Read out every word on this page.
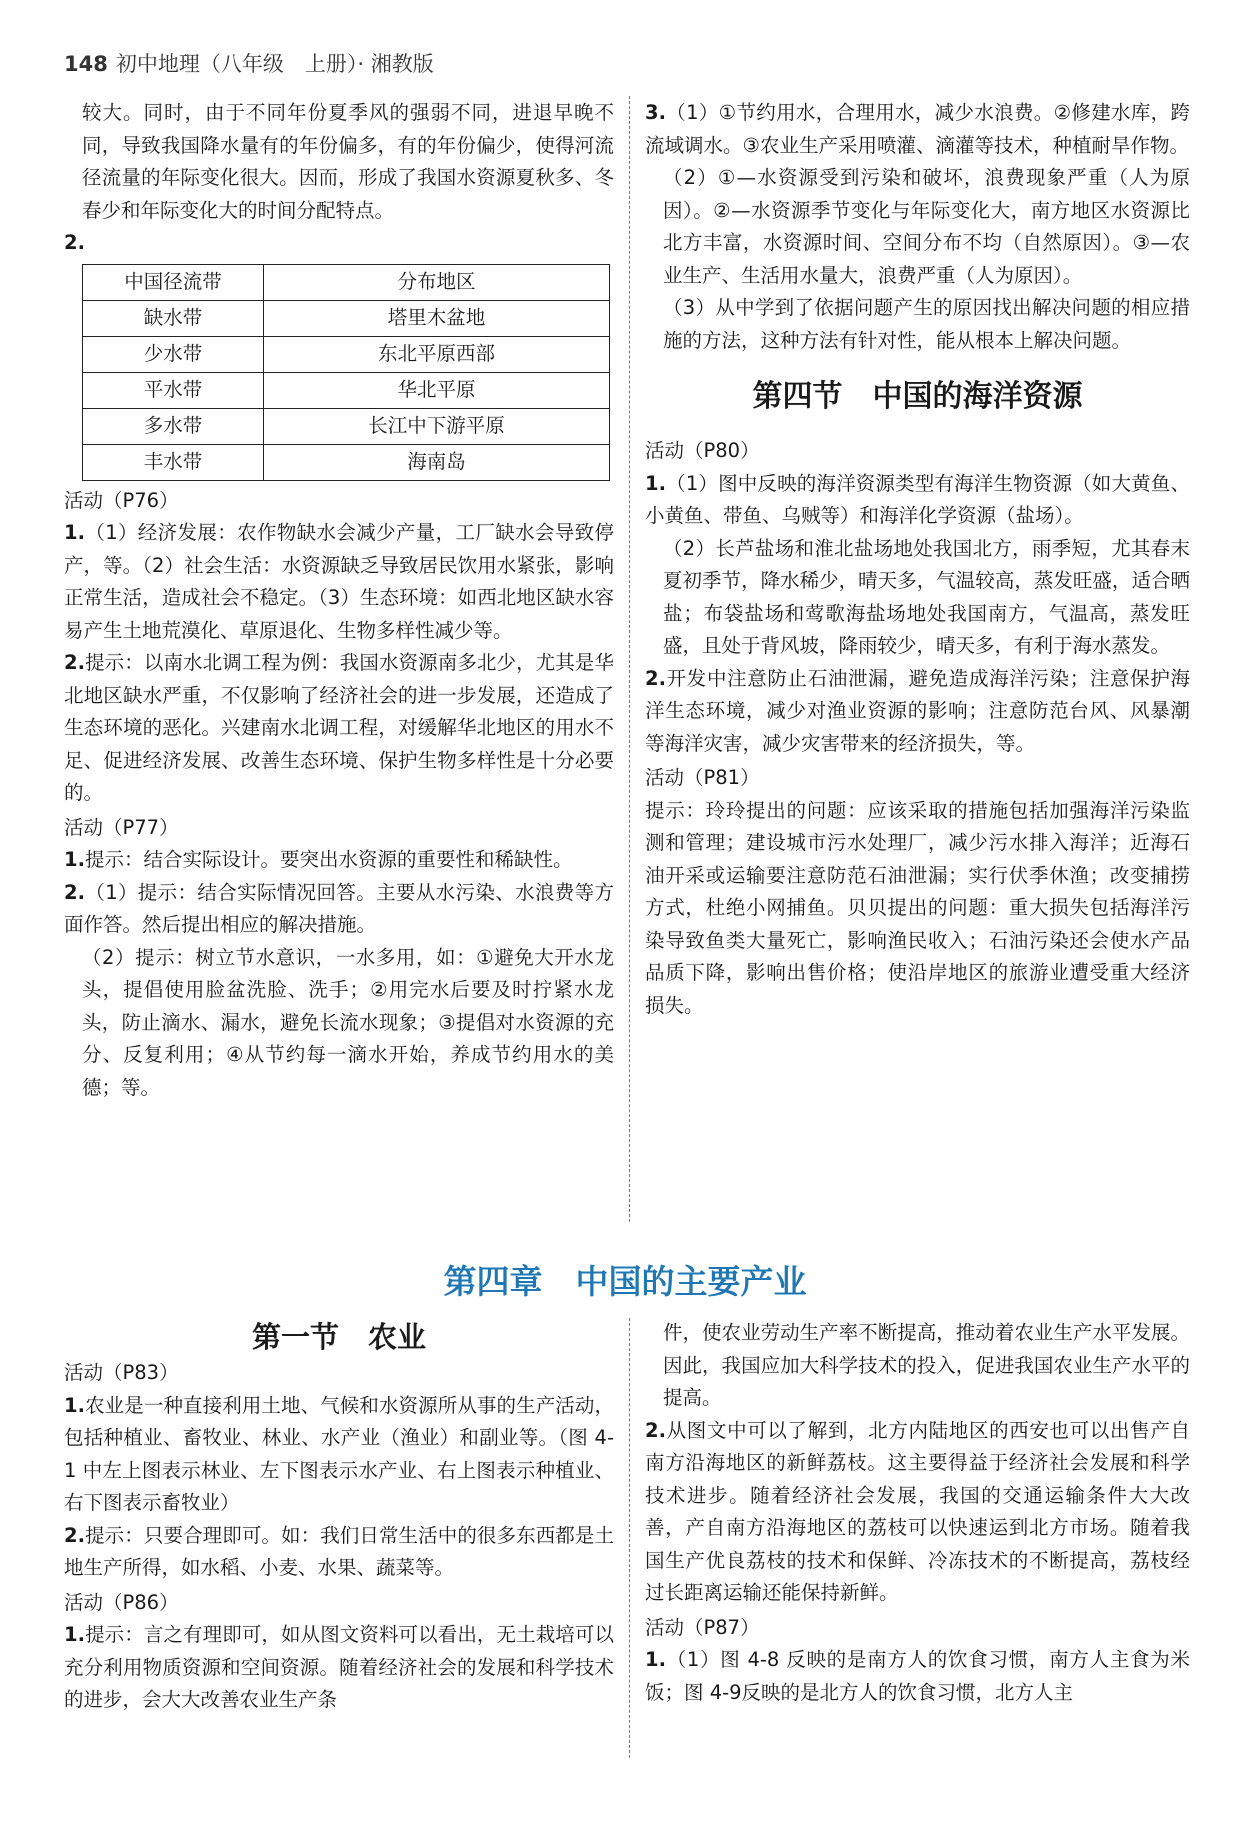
148 初中地理（八年级　上册）· 湘教版

较大。同时，由于不同年份夏季风的强弱不同，进退早晚不同，导致我国降水量有的年份偏多，有的年份偏少，使得河流径流量的年际变化很大。因而，形成了我国水资源夏秋多、冬春少和年际变化大的时间分配特点。

2.

中国径流带	分布地区
缺水带	塔里木盆地
少水带	东北平原西部
平水带	华北平原
多水带	长江中下游平原
丰水带	海南岛

活动（P76）

1.（1）经济发展：农作物缺水会减少产量，工厂缺水会导致停产，等。（2）社会生活：水资源缺乏导致居民饮用水紧张，影响正常生活，造成社会不稳定。（3）生态环境：如西北地区缺水容易产生土地荒漠化、草原退化、生物多样性减少等。

2.提示：以南水北调工程为例：我国水资源南多北少，尤其是华北地区缺水严重，不仅影响了经济社会的进一步发展，还造成了生态环境的恶化。兴建南水北调工程，对缓解华北地区的用水不足、促进经济发展、改善生态环境、保护生物多样性是十分必要的。

活动（P77）

1.提示：结合实际设计。要突出水资源的重要性和稀缺性。

2.（1）提示：结合实际情况回答。主要从水污染、水浪费等方面作答。然后提出相应的解决措施。

（2）提示：树立节水意识，一水多用，如：①避免大开水龙头，提倡使用脸盆洗脸、洗手；②用完水后要及时拧紧水龙头，防止滴水、漏水，避免长流水现象；③提倡对水资源的充分、反复利用；④从节约每一滴水开始，养成节约用水的美德；等。

3.（1）①节约用水，合理用水，减少水浪费。②修建水库，跨流域调水。③农业生产采用喷灌、滴灌等技术，种植耐旱作物。

（2）①—水资源受到污染和破坏，浪费现象严重（人为原因）。②—水资源季节变化与年际变化大，南方地区水资源比北方丰富，水资源时间、空间分布不均（自然原因）。③—农业生产、生活用水量大，浪费严重（人为原因）。

（3）从中学到了依据问题产生的原因找出解决问题的相应措施的方法，这种方法有针对性，能从根本上解决问题。

第四节　中国的海洋资源

活动（P80）

1.（1）图中反映的海洋资源类型有海洋生物资源（如大黄鱼、小黄鱼、带鱼、乌贼等）和海洋化学资源（盐场）。

（2）长芦盐场和淮北盐场地处我国北方，雨季短，尤其春末夏初季节，降水稀少，晴天多，气温较高，蒸发旺盛，适合晒盐；布袋盐场和莺歌海盐场地处我国南方，气温高，蒸发旺盛，且处于背风坡，降雨较少，晴天多，有利于海水蒸发。

2.开发中注意防止石油泄漏，避免造成海洋污染；注意保护海洋生态环境，减少对渔业资源的影响；注意防范台风、风暴潮等海洋灾害，减少灾害带来的经济损失，等。

活动（P81）

提示：玲玲提出的问题：应该采取的措施包括加强海洋污染监测和管理；建设城市污水处理厂，减少污水排入海洋；近海石油开采或运输要注意防范石油泄漏；实行伏季休渔；改变捕捞方式，杜绝小网捕鱼。贝贝提出的问题：重大损失包括海洋污染导致鱼类大量死亡，影响渔民收入；石油污染还会使水产品品质下降，影响出售价格；使沿岸地区的旅游业遭受重大经济损失。

第四章　中国的主要产业
第一节　农业

活动（P83）

1.农业是一种直接利用土地、气候和水资源所从事的生产活动，包括种植业、畜牧业、林业、水产业（渔业）和副业等。（图 4-1 中左上图表示林业、左下图表示水产业、右上图表示种植业、右下图表示畜牧业）

2.提示：只要合理即可。如：我们日常生活中的很多东西都是土地生产所得，如水稻、小麦、水果、蔬菜等。

活动（P86）

1.提示：言之有理即可，如从图文资料可以看出，无土栽培可以充分利用物质资源和空间资源。随着经济社会的发展和科学技术的进步，会大大改善农业生产条

件，使农业劳动生产率不断提高，推动着农业生产水平发展。因此，我国应加大科学技术的投入，促进我国农业生产水平的提高。

2.从图文中可以了解到，北方内陆地区的西安也可以出售产自南方沿海地区的新鲜荔枝。这主要得益于经济社会发展和科学技术进步。随着经济社会发展，我国的交通运输条件大大改善，产自南方沿海地区的荔枝可以快速运到北方市场。随着我国生产优良荔枝的技术和保鲜、冷冻技术的不断提高，荔枝经过长距离运输还能保持新鲜。

活动（P87）

1.（1）图 4-8 反映的是南方人的饮食习惯，南方人主食为米饭；图 4-9反映的是北方人的饮食习惯，北方人主
